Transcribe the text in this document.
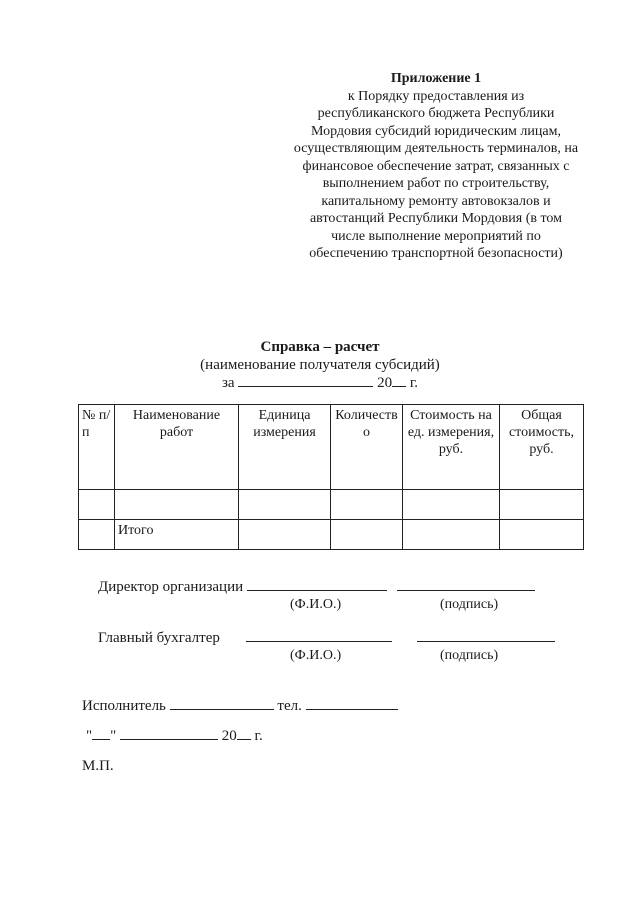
Приложение 1
к Порядку предоставления из
республиканского бюджета Республики
Мордовия субсидий юридическим лицам,
осуществляющим деятельность терминалов, на
финансовое обеспечение затрат, связанных с
выполнением работ по строительству,
капитальному ремонту автовокзалов и
автостанций Республики Мордовия (в том
числе выполнение мероприятий по
обеспечению транспортной безопасности)
Справка – расчет
(наименование получателя субсидий)
за	20 г.
№ п/п	Наименование работ	Единица измерения	Количество	Стоимость на ед. измерения, руб.	Общая стоимость, руб.

	Итого				
Директор организации
(Ф.И.О.)	(подпись)
Главный бухгалтер
(Ф.И.О.)	(подпись)
Исполнитель	тел.
" "	20 г.
М.П.
